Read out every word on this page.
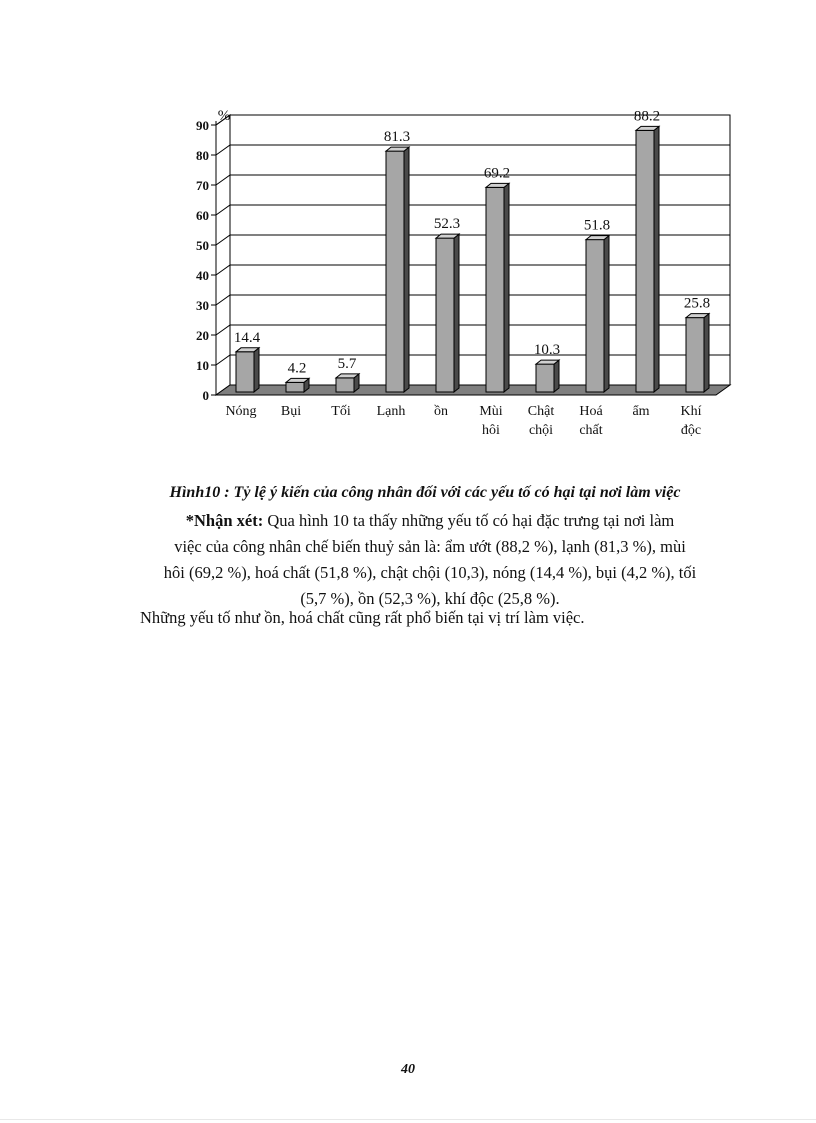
0
10
20
30
40
50
60
70
80
90
%
14.4
Nóng
4.2
Bụi
5.7
Tối
81.3
Lạnh
52.3
ồn
69.2
Mùi
hôi
10.3
Chật
chội
51.8
Hoá
chất
88.2
ẩm
25.8
Khí
độc
Hình10 : Tỷ lệ ý kiến của công nhân đối với các yếu tố có hại tại nơi làm việc
*Nhận xét: Qua hình 10 ta thấy những yếu tố có hại đặc trưng tại nơi làm
việc của công nhân chế biến thuỷ sản là: ẩm ướt (88,2 %), lạnh (81,3 %), mùi
hôi (69,2 %), hoá chất (51,8 %), chật chội (10,3), nóng (14,4 %), bụi (4,2 %), tối
(5,7 %), ồn (52,3 %), khí độc (25,8 %).
Những yếu tố như ồn, hoá chất cũng rất phổ biến tại vị trí làm việc.
40
